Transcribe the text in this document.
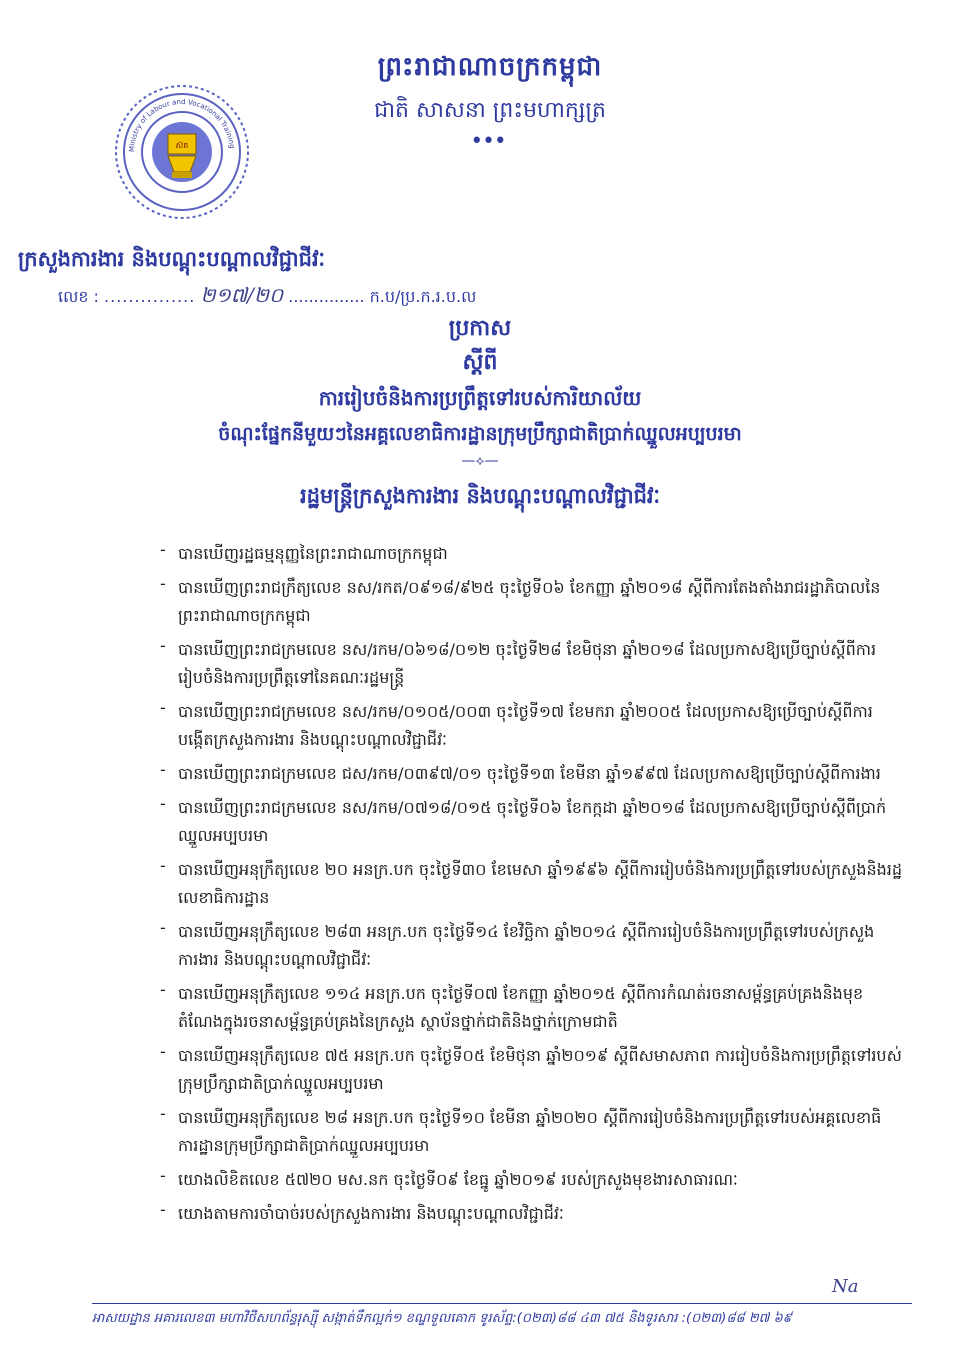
ព្រះរាជាណាចក្រកម្ពុជា
ជាតិ សាសនា ព្រះមហាក្សត្រ
ꔷꔷꔷ
ស៊ត
Ministry of Labour and Vocational Training
ក្រសួងការងារ និងបណ្តុះបណ្តាលវិជ្ជាជីវៈ
លេខ : ............... ២១៧/២០ ............... ក.ប/ប្រ.ក.រ.ប.ល
ប្រកាស
ស្តីពី
ការរៀបចំនិងការប្រព្រឹត្តទៅរបស់ការិយាល័យ
ចំណុះផ្នែកនីមួយៗនៃអគ្គលេខាធិការដ្ឋានក្រុមប្រឹក្សាជាតិប្រាក់ឈ្នួលអប្បបរមា
—⟡—
រដ្ឋមន្ត្រីក្រសួងការងារ និងបណ្តុះបណ្តាលវិជ្ជាជីវៈ
- បានឃើញរដ្ឋធម្មនុញ្ញនៃព្រះរាជាណាចក្រកម្ពុជា
- បានឃើញព្រះរាជក្រឹត្យលេខ នស/រកត/០៩១៨/៩២៥ ចុះថ្ងៃទី០៦ ខែកញ្ញា ឆ្នាំ២០១៨ ស្តីពីការតែងតាំងរាជរដ្ឋាភិបាលនៃព្រះរាជាណាចក្រកម្ពុជា
- បានឃើញព្រះរាជក្រមលេខ នស/រកម/០៦១៨/០១២ ចុះថ្ងៃទី២៨ ខែមិថុនា ឆ្នាំ២០១៨ ដែលប្រកាសឱ្យប្រើច្បាប់ស្តីពីការរៀបចំនិងការប្រព្រឹត្តទៅនៃគណៈរដ្ឋមន្ត្រី
- បានឃើញព្រះរាជក្រមលេខ នស/រកម/០១០៥/០០៣ ចុះថ្ងៃទី១៧ ខែមករា ឆ្នាំ២០០៥ ដែលប្រកាសឱ្យប្រើច្បាប់ស្តីពីការបង្កើតក្រសួងការងារ និងបណ្តុះបណ្តាលវិជ្ជាជីវៈ
- បានឃើញព្រះរាជក្រមលេខ ជស/រកម/០៣៩៧/០១ ចុះថ្ងៃទី១៣ ខែមីនា ឆ្នាំ១៩៩៧ ដែលប្រកាសឱ្យប្រើច្បាប់ស្តីពីការងារ
- បានឃើញព្រះរាជក្រមលេខ នស/រកម/០៧១៨/០១៥ ចុះថ្ងៃទី០៦ ខែកក្កដា ឆ្នាំ២០១៨ ដែលប្រកាសឱ្យប្រើច្បាប់ស្តីពីប្រាក់ឈ្នួលអប្បបរមា
- បានឃើញអនុក្រឹត្យលេខ ២០ អនក្រ.បក ចុះថ្ងៃទី៣០ ខែមេសា ឆ្នាំ១៩៩៦ ស្តីពីការរៀបចំនិងការប្រព្រឹត្តទៅរបស់ក្រសួងនិងរដ្ឋលេខាធិការដ្ឋាន
- បានឃើញអនុក្រឹត្យលេខ ២៨៣ អនក្រ.បក ចុះថ្ងៃទី១៤ ខែវិច្ឆិកា ឆ្នាំ២០១៤ ស្តីពីការរៀបចំនិងការប្រព្រឹត្តទៅរបស់ក្រសួងការងារ និងបណ្តុះបណ្តាលវិជ្ជាជីវៈ
- បានឃើញអនុក្រឹត្យលេខ ១១៤ អនក្រ.បក ចុះថ្ងៃទី០៧ ខែកញ្ញា ឆ្នាំ២០១៥ ស្តីពីការកំណត់រចនាសម្ព័ន្ធគ្រប់គ្រងនិងមុខតំណែងក្នុងរចនាសម្ព័ន្ធគ្រប់គ្រងនៃក្រសួង ស្ថាប័នថ្នាក់ជាតិនិងថ្នាក់ក្រោមជាតិ
- បានឃើញអនុក្រឹត្យលេខ ៧៥ អនក្រ.បក ចុះថ្ងៃទី០៥ ខែមិថុនា ឆ្នាំ២០១៩ ស្តីពីសមាសភាព ការរៀបចំនិងការប្រព្រឹត្តទៅរបស់ក្រុមប្រឹក្សាជាតិប្រាក់ឈ្នួលអប្បបរមា
- បានឃើញអនុក្រឹត្យលេខ ២៨ អនក្រ.បក ចុះថ្ងៃទី១០ ខែមីនា ឆ្នាំ២០២០ ស្តីពីការរៀបចំនិងការប្រព្រឹត្តទៅរបស់អគ្គលេខាធិការដ្ឋានក្រុមប្រឹក្សាជាតិប្រាក់ឈ្នួលអប្បបរមា
- យោងលិខិតលេខ ៥៧២០ មស.នក ចុះថ្ងៃទី០៩ ខែធ្នូ ឆ្នាំ២០១៩ របស់ក្រសួងមុខងារសាធារណៈ
- យោងតាមការចាំបាច់របស់ក្រសួងការងារ និងបណ្តុះបណ្តាលវិជ្ជាជីវៈ
Na
អាសយដ្ឋាន អគារលេខ៣ មហាវិថីសហព័ន្ធរុស្ស៊ី សង្កាត់ទឹកល្អក់១ ខណ្ឌទួលគោក ទូរស័ព្ទ:(០២៣)៨៨ ៤៣ ៧៥ និងទូរសារ :(០២៣)៨៨ ២៧ ៦៩
